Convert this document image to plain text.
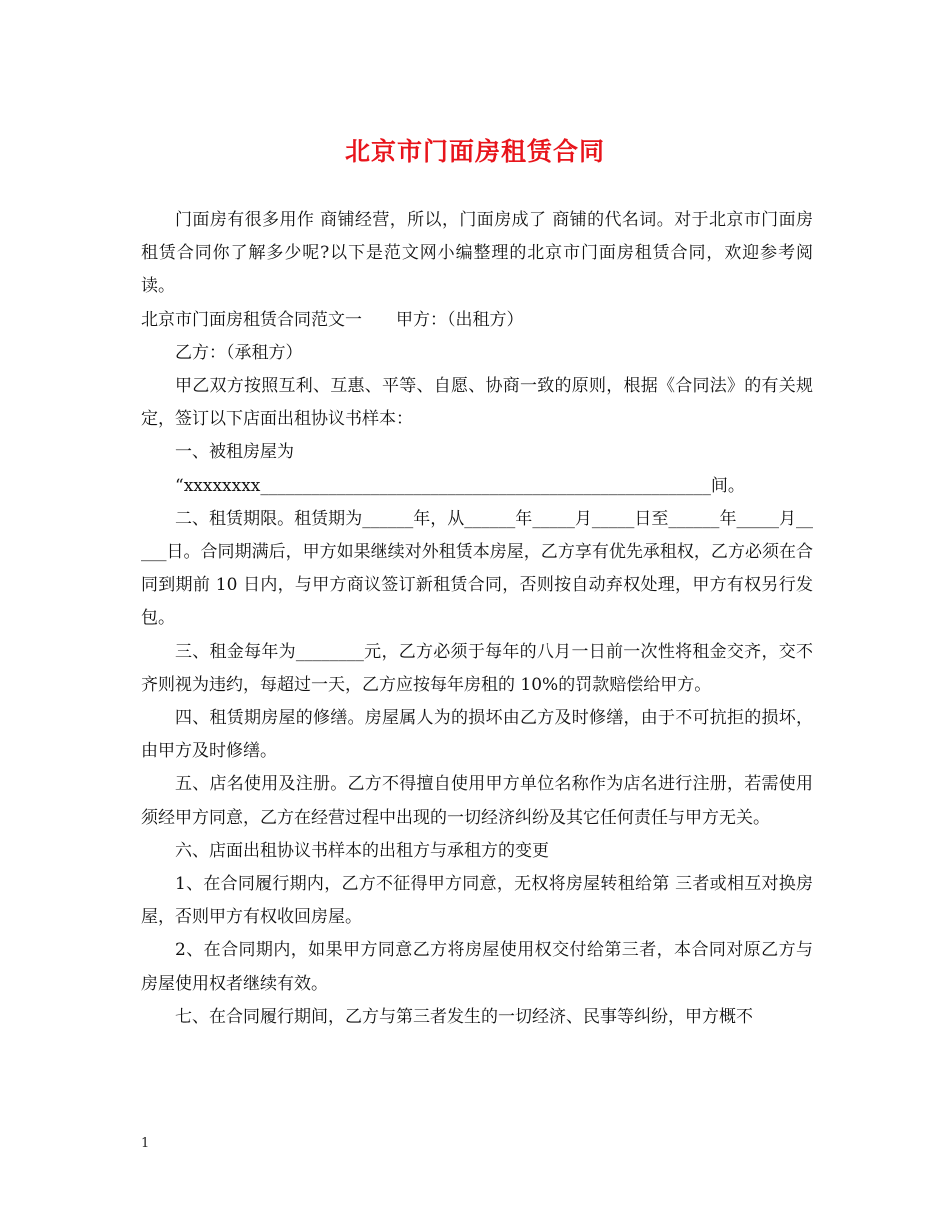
北京市门面房租赁合同

门面房有很多用作 商铺经营，所以，门面房成了 商铺的代名词。对于北京市门面房租赁合同你了解多少呢?以下是范文网小编整理的北京市门面房租赁合同，欢迎参考阅读。

北京市门面房租赁合同范文一 甲方：（出租方）

乙方：（承租方）

甲乙双方按照互利、互惠、平等、自愿、协商一致的原则，根据《合同法》的有关规定，签订以下店面出租协议书样本：

一、被租房屋为

“xxxxxxxx_____________________________________________________间。

二、租赁期限。租赁期为______年，从______年_____月_____日至______年_____月_____日。合同期满后，甲方如果继续对外租赁本房屋，乙方享有优先承租权，乙方必须在合同到期前 10 日内，与甲方商议签订新租赁合同，否则按自动弃权处理，甲方有权另行发包。

三、租金每年为________元，乙方必须于每年的八月一日前一次性将租金交齐，交不齐则视为违约，每超过一天，乙方应按每年房租的 10%的罚款赔偿给甲方。

四、租赁期房屋的修缮。房屋属人为的损坏由乙方及时修缮，由于不可抗拒的损坏，由甲方及时修缮。

五、店名使用及注册。乙方不得擅自使用甲方单位名称作为店名进行注册，若需使用须经甲方同意，乙方在经营过程中出现的一切经济纠纷及其它任何责任与甲方无关。

六、店面出租协议书样本的出租方与承租方的变更

1、在合同履行期内，乙方不征得甲方同意，无权将房屋转租给第 三者或相互对换房屋，否则甲方有权收回房屋。

2、在合同期内，如果甲方同意乙方将房屋使用权交付给第三者，本合同对原乙方与房屋使用权者继续有效。

七、在合同履行期间，乙方与第三者发生的一切经济、民事等纠纷，甲方概不

1
